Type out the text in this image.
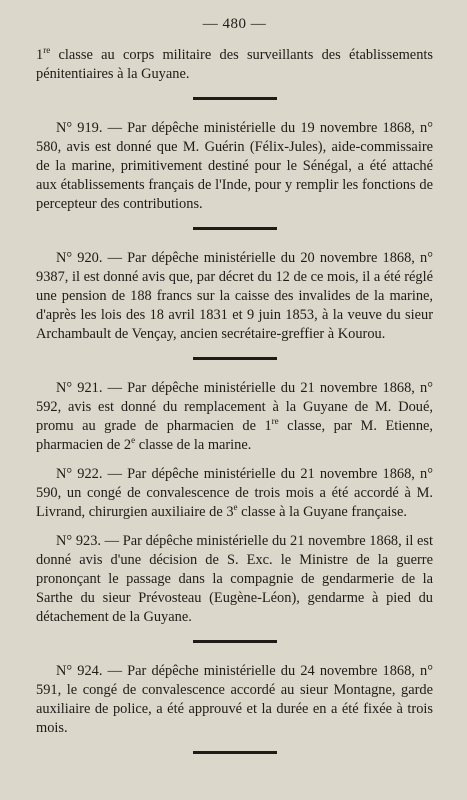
— 480 —

1re classe au corps militaire des surveillants des établissements pénitentiaires à la Guyane.

N° 919. — Par dépêche ministérielle du 19 novembre 1868, n° 580, avis est donné que M. Guérin (Félix-Jules), aide-commissaire de la marine, primitivement destiné pour le Sénégal, a été attaché aux établissements français de l'Inde, pour y remplir les fonctions de percepteur des contributions.

N° 920. — Par dépêche ministérielle du 20 novembre 1868, n° 9387, il est donné avis que, par décret du 12 de ce mois, il a été réglé une pension de 188 francs sur la caisse des invalides de la marine, d'après les lois des 18 avril 1831 et 9 juin 1853, à la veuve du sieur Archambault de Vençay, ancien secrétaire-greffier à Kourou.

N° 921. — Par dépêche ministérielle du 21 novembre 1868, n° 592, avis est donné du remplacement à la Guyane de M. Doué, promu au grade de pharmacien de 1re classe, par M. Etienne, pharmacien de 2e classe de la marine.

N° 922. — Par dépêche ministérielle du 21 novembre 1868, n° 590, un congé de convalescence de trois mois a été accordé à M. Livrand, chirurgien auxiliaire de 3e classe à la Guyane française.

N° 923. — Par dépêche ministérielle du 21 novembre 1868, il est donné avis d'une décision de S. Exc. le Ministre de la guerre prononçant le passage dans la compagnie de gendarmerie de la Sarthe du sieur Prévosteau (Eugène-Léon), gendarme à pied du détachement de la Guyane.

N° 924. — Par dépêche ministérielle du 24 novembre 1868, n° 591, le congé de convalescence accordé au sieur Montagne, garde auxiliaire de police, a été approuvé et la durée en a été fixée à trois mois.
